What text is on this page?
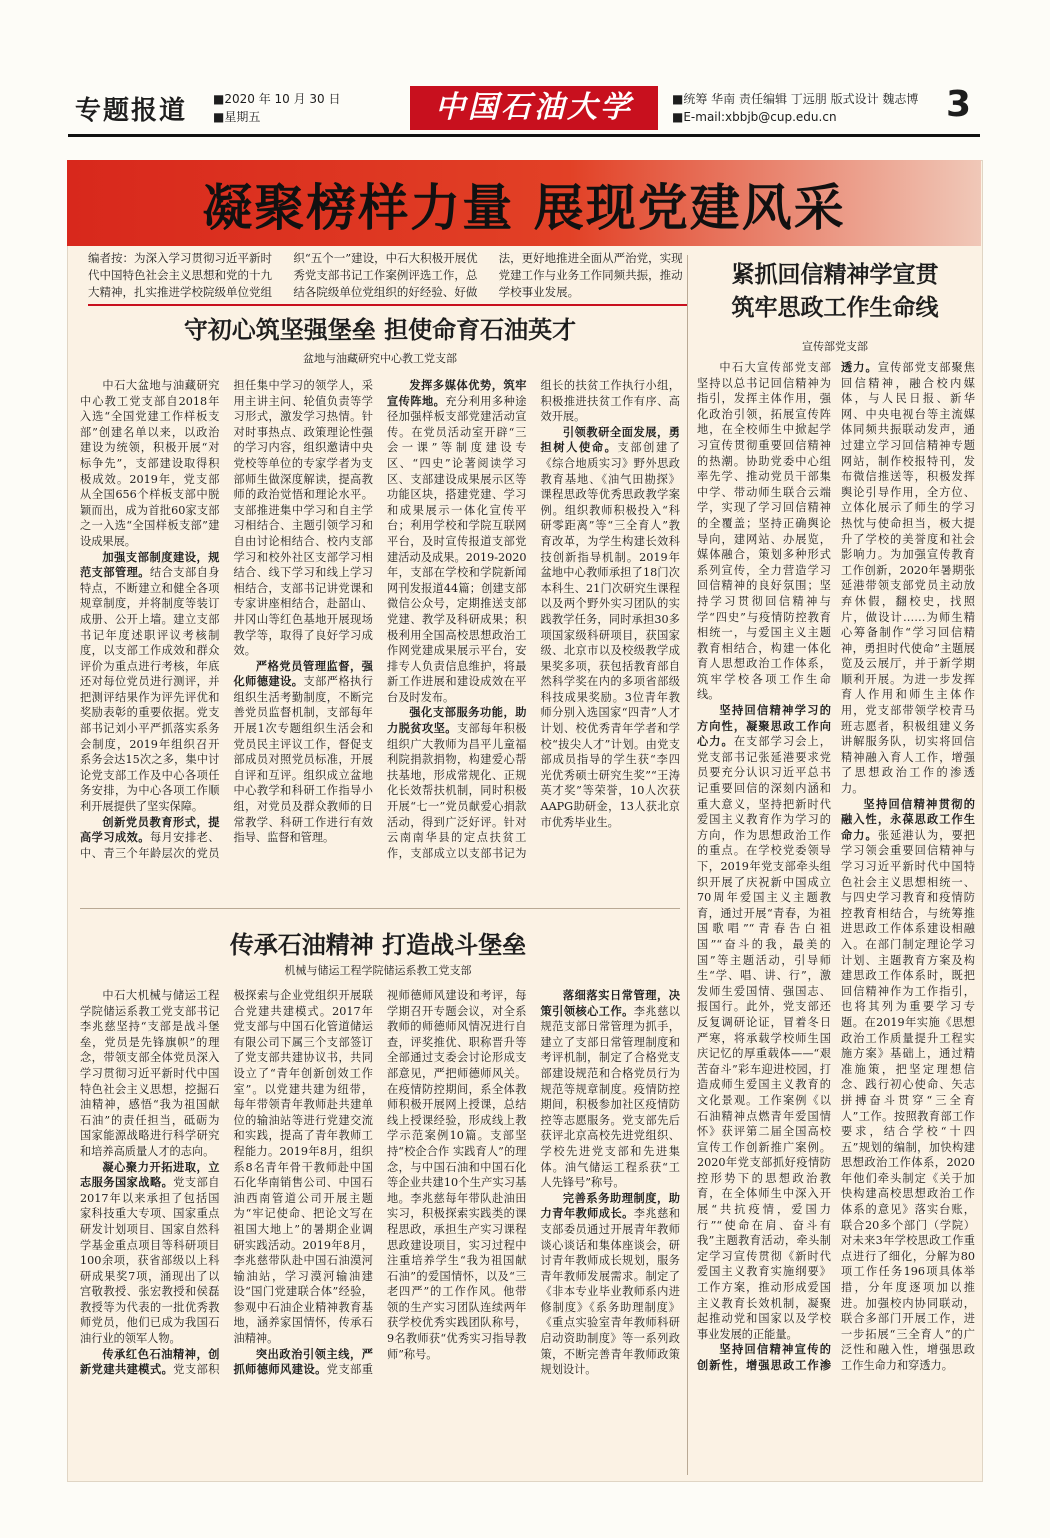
专题报道 ■2020 年 10 月 30 日
■星期五	中国石油大学	■统筹 华南 责任编辑 丁远朋 版式设计 魏志博
■E-mail:xbbjb@cup.edu.cn	3
凝聚榜样力量 展现党建风采
编者按：为深入学习贯彻习近平新时代中国特色社会主义思想和党的十九大精神，扎实推进学校院级单位党组织“五个一”建设，中石大积极开展优秀党支部书记工作案例评选工作，总结各院级单位党组织的好经验、好做法，更好地推进全面从严治党，实现党建工作与业务工作同频共振，推动学校事业发展。
守初心筑坚强堡垒 担使命育石油英才
盆地与油藏研究中心教工党支部

中石大盆地与油藏研究中心教工党支部自2018年入选“全国党建工作样板支部”创建名单以来，以政治建设为统领，积极开展“对标争先”，支部建设取得积极成效。2019年，党支部从全国656个样板支部中脱颖而出，成为首批60家支部之一入选“全国样板支部”建设成果展。

加强支部制度建设，规范支部管理。结合支部自身特点，不断建立和健全各项规章制度，并将制度等装订成册、公开上墙。建立支部书记年度述职评议考核制度，以支部工作成效和群众评价为重点进行考核，年底还对每位党员进行测评，并把测评结果作为评先评优和奖励表彰的重要依据。党支部书记刘小平严抓落实系务会制度，2019年组织召开系务会达15次之多，集中讨论党支部工作及中心各项任务安排，为中心各项工作顺利开展提供了坚实保障。

创新党员教育形式，提高学习成效。每月安排老、中、青三个年龄层次的党员担任集中学习的领学人，采用主讲主问、轮值负责等学习形式，激发学习热情。针对时事热点、政策理论性强的学习内容，组织邀请中央党校等单位的专家学者为支部师生做深度解读，提高教师的政治觉悟和理论水平。支部推进集中学习和自主学习相结合、主题引领学习和自由讨论相结合、校内支部学习和校外社区支部学习相结合、线下学习和线上学习相结合，支部书记讲党课和专家讲座相结合，赴韶山、井冈山等红色基地开展现场教学等，取得了良好学习成效。

严格党员管理监督，强化师德建设。支部严格执行组织生活考勤制度，不断完善党员监督机制，支部每年开展1次专题组织生活会和党员民主评议工作，督促支部成员对照党员标准，开展自评和互评。组织成立盆地中心教学和科研工作指导小组，对党员及群众教师的日常教学、科研工作进行有效指导、监督和管理。

发挥多媒体优势，筑牢宣传阵地。充分利用多种途径加强样板支部党建活动宣传。在党员活动室开辟“三会一课”等制度建设专区、“四史”论著阅读学习区、支部建设成果展示区等功能区块，搭建党建、学习和成果展示一体化宣传平台；利用学校和学院互联网平台，及时宣传报道支部党建活动及成果。2019-2020年，支部在学校和学院新闻网刊发报道44篇；创建支部微信公众号，定期推送支部党建、教学及科研成果；积极利用全国高校思想政治工作网党建成果展示平台，安排专人负责信息维护，将最新工作进展和建设成效在平台及时发布。

强化支部服务功能，助力脱贫攻坚。支部每年积极组织广大教师为昌平儿童福利院捐款捐物，构建爱心帮扶基地，形成常规化、正规化长效帮扶机制，同时积极开展“七一”党员献爱心捐款活动，得到广泛好评。针对云南南华县的定点扶贫工作，支部成立以支部书记为组长的扶贫工作执行小组，积极推进扶贫工作有序、高效开展。

引领教研全面发展，勇担树人使命。支部创建了《综合地质实习》野外思政教育基地、《油气田勘探》课程思政等优秀思政教学案例。组织教师积极投入“科研零距离”等“三全育人”教育改革，为学生构建长效科技创新指导机制。2019年盆地中心教师承担了18门次本科生、21门次研究生课程以及两个野外实习团队的实践教学任务，同时承担30多项国家级科研项目，获国家级、北京市以及校级教学成果奖多项，获包括教育部自然科学奖在内的多项省部级科技成果奖励。3位青年教师分别入选国家“四青”人才计划、校优秀青年学者和学校“拔尖人才”计划。由党支部成员指导的学生获“李四光优秀硕士研究生奖”“王涛英才奖”等荣誉，10人次获AAPG助研金，13人获北京市优秀毕业生。

传承石油精神 打造战斗堡垒
机械与储运工程学院储运系教工党支部

中石大机械与储运工程学院储运系教工党支部书记李兆慈坚持“支部是战斗堡垒，党员是先锋旗帜”的理念，带领支部全体党员深入学习贯彻习近平新时代中国特色社会主义思想，挖掘石油精神，感悟“我为祖国献石油”的责任担当，砥砺为国家能源战略进行科学研究和培养高质量人才的志向。

凝心聚力开拓进取，立志服务国家战略。党支部自2017年以来承担了包括国家科技重大专项、国家重点研发计划项目、国家自然科学基金重点项目等科研项目100余项，获省部级以上科研成果奖7项，涌现出了以宫敬教授、张宏教授和侯磊教授等为代表的一批优秀教师党员，他们已成为我国石油行业的领军人物。

传承红色石油精神，创新党建共建模式。党支部积极探索与企业党组织开展联合党建共建模式。2017年党支部与中国石化管道储运有限公司下属三个支部签订了党支部共建协议书，共同设立了“青年创新创效工作室”。以党建共建为纽带，每年带领青年教师赴共建单位的输油站等进行党建交流和实践，提高了青年教师工程能力。2019年8月，组织系8名青年骨干教师赴中国石化华南销售公司、中国石油西南管道公司开展主题为“牢记使命、把论文写在祖国大地上”的暑期企业调研实践活动。2019年8月，李兆慈带队赴中国石油漠河输油站，学习漠河输油建设“国门党建联合体”经验，参观中石油企业精神教育基地，涵养家国情怀，传承石油精神。

突出政治引领主线，严抓师德师风建设。党支部重视师德师风建设和考评，每学期召开专题会议，对全系教师的师德师风情况进行自查，评奖推优、职称晋升等全部通过支委会讨论形成支部意见，严把师德师风关。在疫情防控期间，系全体教师积极开展网上授课，总结线上授课经验，形成线上教学示范案例10篇。支部坚持“校企合作 实践育人”的理念，与中国石油和中国石化等企业共建10个生产实习基地。李兆慈每年带队赴油田实习，积极探索实践类的课程思政，承担生产实习课程思政建设项目，实习过程中注重培养学生“我为祖国献石油”的爱国情怀，以及“三老四严”的工作作风。他带领的生产实习团队连续两年获学校优秀实践团队称号，9名教师获“优秀实习指导教师”称号。

落细落实日常管理，决策引领核心工作。李兆慈以规范支部日常管理为抓手，建立了支部日常管理制度和考评机制，制定了合格党支部建设规范和合格党员行为规范等规章制度。疫情防控期间，积极参加社区疫情防控等志愿服务。党支部先后获评北京高校先进党组织、学校先进党支部和先进集体。油气储运工程系获“工人先锋号”称号。

完善系务助理制度，助力青年教师成长。李兆慈和支部委员通过开展青年教师谈心谈话和集体座谈会，研讨青年教师成长规划，服务青年教师发展需求。制定了《非本专业毕业教师系内进修制度》《系务助理制度》《重点实验室青年教师科研启动资助制度》等一系列政策，不断完善青年教师政策规划设计。

紧抓回信精神学宣贯
筑牢思政工作生命线
宣传部党支部

中石大宣传部党支部坚持以总书记回信精神为指引，发挥主体作用，强化政治引领，拓展宣传阵地，在全校师生中掀起学习宣传贯彻重要回信精神的热潮。协助党委中心组率先学、推动党员干部集中学、带动师生联合云端学，实现了学习回信精神的全覆盖；坚持正确舆论导向，建网站、办展览，媒体融合，策划多种形式系列宣传，全力营造学习回信精神的良好氛围；坚持学习贯彻回信精神与学“四史”与疫情防控教育相统一，与爱国主义主题教育相结合，构建一体化育人思想政治工作体系，筑牢学校各项工作生命线。

坚持回信精神学习的方向性，凝聚思政工作向心力。在支部学习会上，党支部书记张延港要求党员要充分认识习近平总书记重要回信的深刻内涵和重大意义，坚持把新时代爱国主义教育作为学习的方向，作为思想政治工作的重点。在学校党委领导下，2019年党支部牵头组织开展了庆祝新中国成立70周年爱国主义主题教育，通过开展“青春，为祖国歌唱”“青春告白祖国”“奋斗的我，最美的国”等主题活动，引导师生“学、唱、讲、行”，激发师生爱国情、强国志、报国行。此外，党支部还反复调研论证，冒着冬日严寒，将承载学校师生国庆记忆的厚重载体——“艰苦奋斗”彩车迎进校园，打造成师生爱国主义教育的文化景观。工作案例《以石油精神点燃青年爱国情怀》获评第二届全国高校宣传工作创新推广案例。2020年党支部抓好疫情防控形势下的思想政治教育，在全体师生中深入开展“共抗疫情，爱国力行”“使命在肩、奋斗有我”主题教育活动，牵头制定学习宣传贯彻《新时代爱国主义教育实施纲要》工作方案，推动形成爱国主义教育长效机制，凝聚起推动党和国家以及学校事业发展的正能量。

坚持回信精神宣传的创新性，增强思政工作渗透力。宣传部党支部聚焦回信精神，融合校内媒体，与人民日报、新华网、中央电视台等主流媒体同频共振联动发声，通过建立学习回信精神专题网站，制作校报特刊，发布微信推送等，积极发挥舆论引导作用，全方位、立体化展示了师生的学习热忱与使命担当，极大提升了学校的美誉度和社会影响力。为加强宣传教育工作创新，2020年暑期张延港带领支部党员主动放弃休假，翻校史，找照片，做设计……为师生精心筹备制作“学习回信精神，勇担时代使命”主题展览及云展厅，并于新学期顺利开展。为进一步发挥育人作用和师生主体作用，党支部带领学校青马班志愿者，积极组建义务讲解服务队，切实将回信精神融入育人工作，增强了思想政治工作的渗透力。

坚持回信精神贯彻的融入性，永葆思政工作生命力。张延港认为，要把学习领会重要回信精神与学习习近平新时代中国特色社会主义思想相统一、与四史学习教育和疫情防控教育相结合，与统筹推进思政工作体系建设相融入。在部门制定理论学习计划、主题教育方案及构建思政工作体系时，既把回信精神作为工作指引，也将其列为重要学习专题。在2019年实施《思想政治工作质量提升工程实施方案》基础上，通过精准施策，把坚定理想信念、践行初心使命、矢志拼搏奋斗贯穿“三全育人”工作。按照教育部工作要求，结合学校“十四五”规划的编制，加快构建思想政治工作体系，2020年他们牵头制定《关于加快构建高校思想政治工作体系的意见》落实台账，联合20多个部门（学院）对未来3年学校思政工作重点进行了细化，分解为80项工作任务196项具体举措，分年度逐项加以推进。加强校内协同联动，联合多部门开展工作，进一步拓展“三全育人”的广泛性和融入性，增强思政工作生命力和穿透力。
